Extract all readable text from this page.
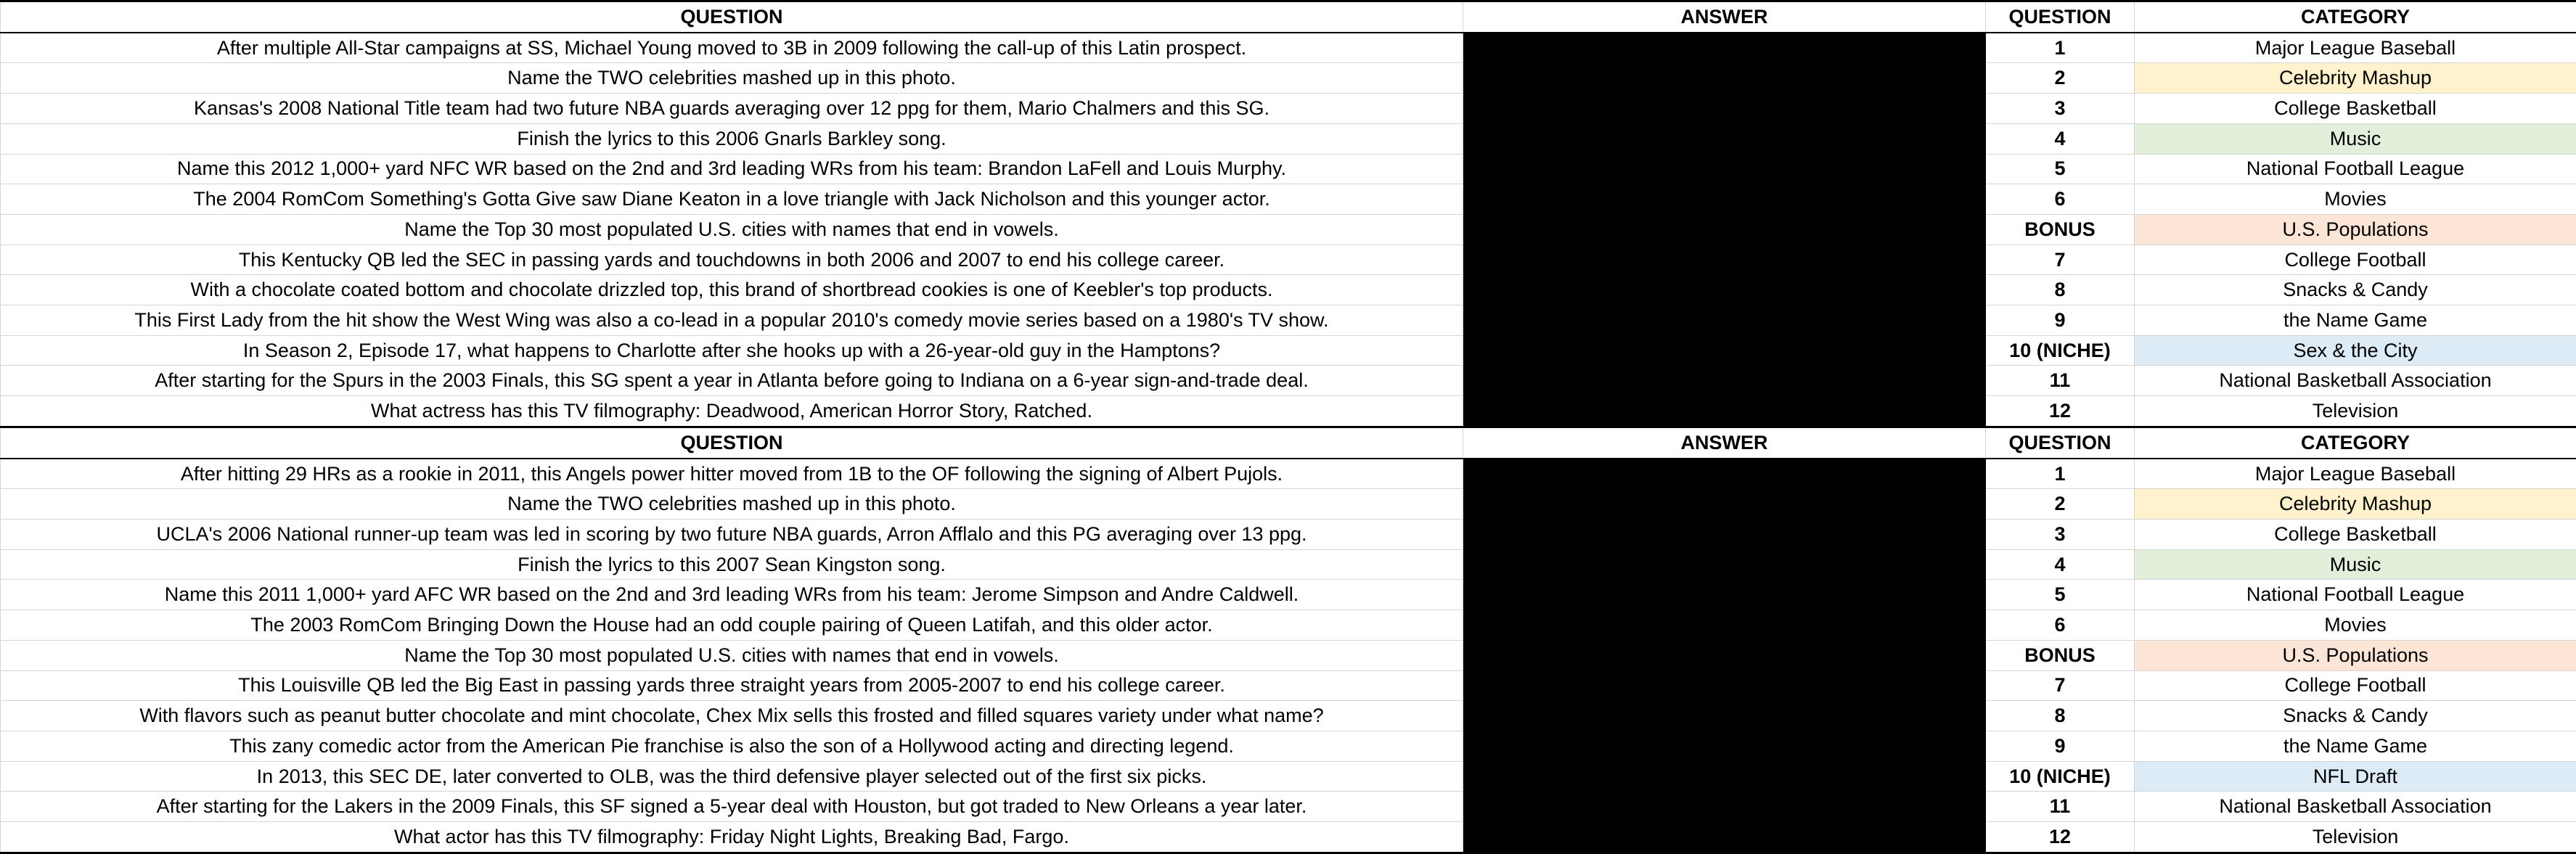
QUESTION	ANSWER	QUESTION	CATEGORY
After multiple All-Star campaigns at SS, Michael Young moved to 3B in 2009 following the call-up of this Latin prospect.		1	Major League Baseball
Name the TWO celebrities mashed up in this photo.		2	Celebrity Mashup
Kansas's 2008 National Title team had two future NBA guards averaging over 12 ppg for them, Mario Chalmers and this SG.		3	College Basketball
Finish the lyrics to this 2006 Gnarls Barkley song.		4	Music
Name this 2012 1,000+ yard NFC WR based on the 2nd and 3rd leading WRs from his team: Brandon LaFell and Louis Murphy.		5	National Football League
The 2004 RomCom Something's Gotta Give saw Diane Keaton in a love triangle with Jack Nicholson and this younger actor.		6	Movies
Name the Top 30 most populated U.S. cities with names that end in vowels.		BONUS	U.S. Populations
This Kentucky QB led the SEC in passing yards and touchdowns in both 2006 and 2007 to end his college career.		7	College Football
With a chocolate coated bottom and chocolate drizzled top, this brand of shortbread cookies is one of Keebler's top products.		8	Snacks & Candy
This First Lady from the hit show the West Wing was also a co-lead in a popular 2010's comedy movie series based on a 1980's TV show.		9	the Name Game
In Season 2, Episode 17, what happens to Charlotte after she hooks up with a 26-year-old guy in the Hamptons?		10 (NICHE)	Sex & the City
After starting for the Spurs in the 2003 Finals, this SG spent a year in Atlanta before going to Indiana on a 6-year sign-and-trade deal.		11	National Basketball Association
What actress has this TV filmography: Deadwood, American Horror Story, Ratched.		12	Television
QUESTION	ANSWER	QUESTION	CATEGORY
After hitting 29 HRs as a rookie in 2011, this Angels power hitter moved from 1B to the OF following the signing of Albert Pujols.		1	Major League Baseball
Name the TWO celebrities mashed up in this photo.		2	Celebrity Mashup
UCLA's 2006 National runner-up team was led in scoring by two future NBA guards, Arron Afflalo and this PG averaging over 13 ppg.		3	College Basketball
Finish the lyrics to this 2007 Sean Kingston song.		4	Music
Name this 2011 1,000+ yard AFC WR based on the 2nd and 3rd leading WRs from his team: Jerome Simpson and Andre Caldwell.		5	National Football League
The 2003 RomCom Bringing Down the House had an odd couple pairing of Queen Latifah, and this older actor.		6	Movies
Name the Top 30 most populated U.S. cities with names that end in vowels.		BONUS	U.S. Populations
This Louisville QB led the Big East in passing yards three straight years from 2005-2007 to end his college career.		7	College Football
With flavors such as peanut butter chocolate and mint chocolate, Chex Mix sells this frosted and filled squares variety under what name?		8	Snacks & Candy
This zany comedic actor from the American Pie franchise is also the son of a Hollywood acting and directing legend.		9	the Name Game
In 2013, this SEC DE, later converted to OLB, was the third defensive player selected out of the first six picks.		10 (NICHE)	NFL Draft
After starting for the Lakers in the 2009 Finals, this SF signed a 5-year deal with Houston, but got traded to New Orleans a year later.		11	National Basketball Association
What actor has this TV filmography: Friday Night Lights, Breaking Bad, Fargo.		12	Television
